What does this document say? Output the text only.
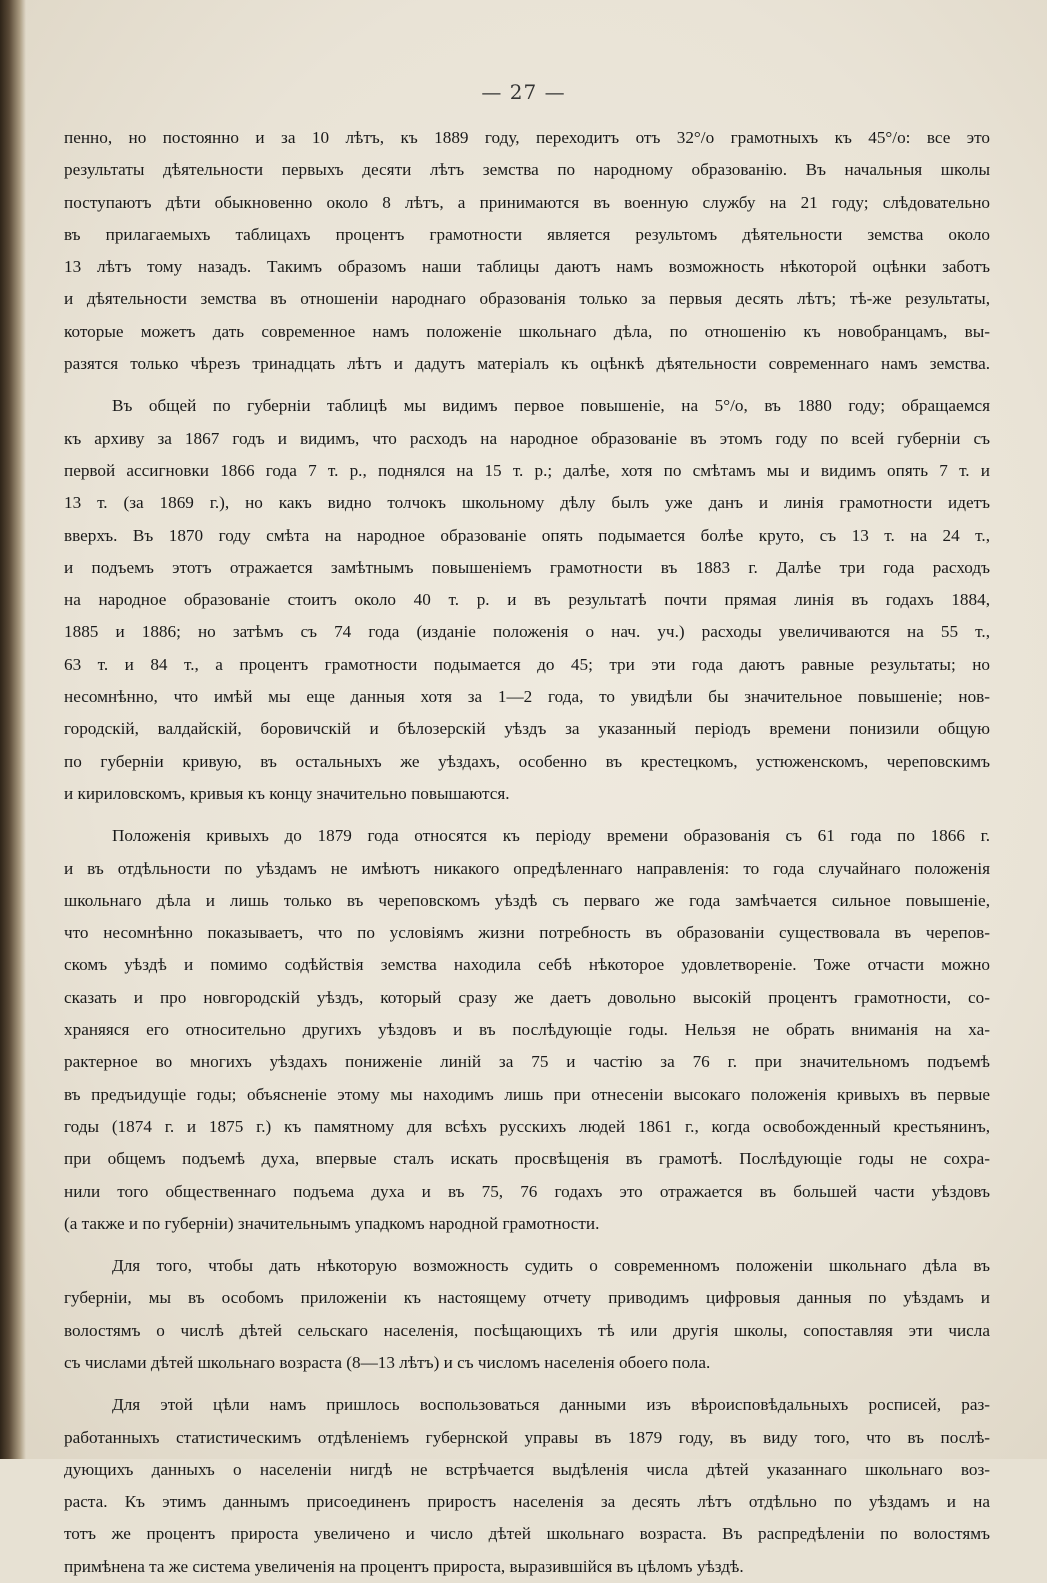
— 27 —
пенно, но постоянно и за 10 лѣтъ, къ 1889 году, переходитъ отъ 32°/о грамотныхъ къ 45°/о: все это
результаты дѣятельности первыхъ десяти лѣтъ земства по народному образованію. Въ начальныя школы
поступаютъ дѣти обыкновенно около 8 лѣтъ, а принимаются въ военную службу на 21 году; слѣдовательно
въ прилагаемыхъ таблицахъ процентъ грамотности является результомъ дѣятельности земства около
13 лѣтъ тому назадъ. Такимъ образомъ наши таблицы даютъ намъ возможность нѣкоторой оцѣнки заботъ
и дѣятельности земства въ отношеніи народнаго образованія только за первыя десять лѣтъ; тѣ-же результаты,
которые можетъ дать современное намъ положеніе школьнаго дѣла, по отношенію къ новобранцамъ, вы-
разятся только чѣрезъ тринадцать лѣтъ и дадутъ матеріалъ къ оцѣнкѣ дѣятельности современнаго намъ земства.
Въ общей по губерніи таблицѣ мы видимъ первое повышеніе, на 5°/о, въ 1880 году; обращаемся
къ архиву за 1867 годъ и видимъ, что расходъ на народное образованіе въ этомъ году по всей губерніи съ
первой ассигновки 1866 года 7 т. р., поднялся на 15 т. р.; далѣе, хотя по смѣтамъ мы и видимъ опять 7 т. и
13 т. (за 1869 г.), но какъ видно толчокъ школьному дѣлу былъ уже данъ и линія грамотности идетъ
вверхъ. Въ 1870 году смѣта на народное образованіе опять подымается болѣе круто, съ 13 т. на 24 т.,
и подъемъ этотъ отражается замѣтнымъ повышеніемъ грамотности въ 1883 г. Далѣе три года расходъ
на народное образованіе стоитъ около 40 т. р. и въ результатѣ почти прямая линія въ годахъ 1884,
1885 и 1886; но затѣмъ съ 74 года (изданіе положенія о нач. уч.) расходы увеличиваются на 55 т.,
63 т. и 84 т., а процентъ грамотности подымается до 45; три эти года даютъ равные результаты; но
несомнѣнно, что имѣй мы еще данныя хотя за 1—2 года, то увидѣли бы значительное повышеніе; нов-
городскій, валдайскій, боровичскій и бѣлозерскій уѣздъ за указанный періодъ времени понизили общую
по губерніи кривую, въ остальныхъ же уѣздахъ, особенно въ крестецкомъ, устюженскомъ, череповскимъ
и кириловскомъ, кривыя къ концу значительно повышаются.
Положенія кривыхъ до 1879 года относятся къ періоду времени образованія съ 61 года по 1866 г.
и въ отдѣльности по уѣздамъ не имѣютъ никакого опредѣленнаго направленія: то года случайнаго положенія
школьнаго дѣла и лишь только въ череповскомъ уѣздѣ съ перваго же года замѣчается сильное повышеніе,
что несомнѣнно показываетъ, что по условіямъ жизни потребность въ образованіи существовала въ черепов-
скомъ уѣздѣ и помимо содѣйствія земства находила себѣ нѣкоторое удовлетвореніе. Тоже отчасти можно
сказать и про новгородскій уѣздъ, который сразу же даетъ довольно высокій процентъ грамотности, со-
храняяся его относительно другихъ уѣздовъ и въ послѣдующіе годы. Нельзя не обрать вниманія на ха-
рактерное во многихъ уѣздахъ пониженіе линій за 75 и частію за 76 г. при значительномъ подъемѣ
въ предъидущіе годы; объясненіе этому мы находимъ лишь при отнесеніи высокаго положенія кривыхъ въ первые
годы (1874 г. и 1875 г.) къ памятному для всѣхъ русскихъ людей 1861 г., когда освобожденный крестьянинъ,
при общемъ подъемѣ духа, впервые сталъ искать просвѣщенія въ грамотѣ. Послѣдующіе годы не сохра-
нили того общественнаго подъема духа и въ 75, 76 годахъ это отражается въ большей части уѣздовъ
(а также и по губерніи) значительнымъ упадкомъ народной грамотности.
Для того, чтобы дать нѣкоторую возможность судить о современномъ положеніи школьнаго дѣла въ
губерніи, мы въ особомъ приложеніи къ настоящему отчету приводимъ цифровыя данныя по уѣздамъ и
волостямъ о числѣ дѣтей сельскаго населенія, посѣщающихъ тѣ или другія школы, сопоставляя эти числа
съ числами дѣтей школьнаго возраста (8—13 лѣтъ) и съ числомъ населенія обоего пола.
Для этой цѣли намъ пришлось воспользоваться данными изъ вѣроисповѣдальныхъ росписей, раз-
работанныхъ статистическимъ отдѣленіемъ губернской управы въ 1879 году, въ виду того, что въ послѣ-
дующихъ данныхъ о населеніи нигдѣ не встрѣчается выдѣленія числа дѣтей указаннаго школьнаго воз-
раста. Къ этимъ даннымъ присоединенъ приростъ населенія за десять лѣтъ отдѣльно по уѣздамъ и на
тотъ же процентъ прироста увеличено и число дѣтей школьнаго возраста. Въ распредѣленіи по волостямъ
примѣнена та же система увеличенія на процентъ прироста, выразившійся въ цѣломъ уѣздѣ.
